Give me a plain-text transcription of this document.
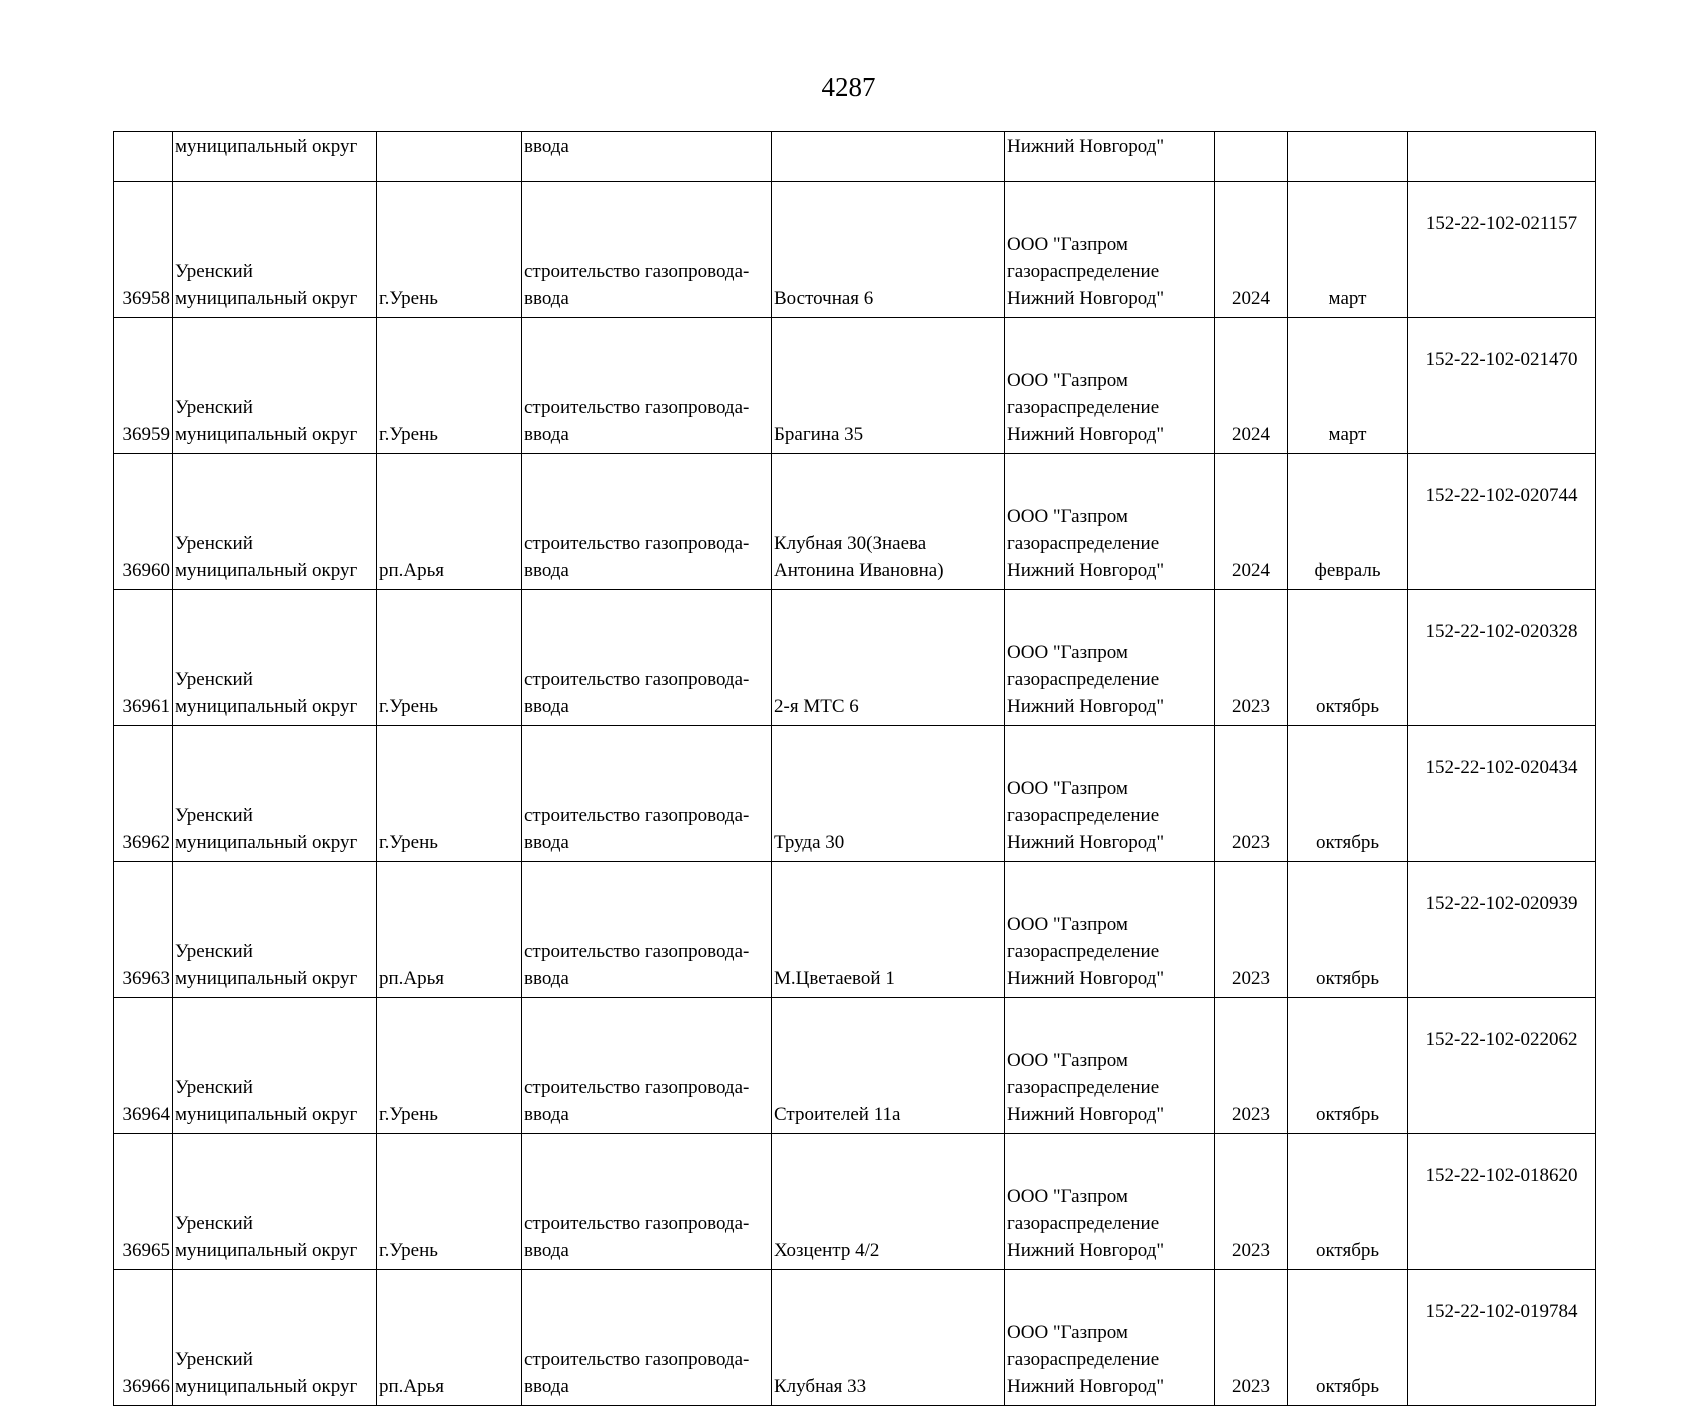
4287

	муниципальный округ		ввода		Нижний Новгород"			

36958	Уренский
муниципальный округ	г.Урень	строительство газопровода-
ввода	Восточная 6	ООО "Газпром
газораспределение
Нижний Новгород"	2024	март	152-22-102-021157

36959	Уренский
муниципальный округ	г.Урень	строительство газопровода-
ввода	Брагина 35	ООО "Газпром
газораспределение
Нижний Новгород"	2024	март	152-22-102-021470

36960	Уренский
муниципальный округ	рп.Арья	строительство газопровода-
ввода	Клубная 30(Знаева
Антонина Ивановна)	ООО "Газпром
газораспределение
Нижний Новгород"	2024	февраль	152-22-102-020744

36961	Уренский
муниципальный округ	г.Урень	строительство газопровода-
ввода	2-я МТС 6	ООО "Газпром
газораспределение
Нижний Новгород"	2023	октябрь	152-22-102-020328

36962	Уренский
муниципальный округ	г.Урень	строительство газопровода-
ввода	Труда 30	ООО "Газпром
газораспределение
Нижний Новгород"	2023	октябрь	152-22-102-020434

36963	Уренский
муниципальный округ	рп.Арья	строительство газопровода-
ввода	М.Цветаевой 1	ООО "Газпром
газораспределение
Нижний Новгород"	2023	октябрь	152-22-102-020939

36964	Уренский
муниципальный округ	г.Урень	строительство газопровода-
ввода	Строителей 11а	ООО "Газпром
газораспределение
Нижний Новгород"	2023	октябрь	152-22-102-022062

36965	Уренский
муниципальный округ	г.Урень	строительство газопровода-
ввода	Хозцентр 4/2	ООО "Газпром
газораспределение
Нижний Новгород"	2023	октябрь	152-22-102-018620

36966	Уренский
муниципальный округ	рп.Арья	строительство газопровода-
ввода	Клубная 33	ООО "Газпром
газораспределение
Нижний Новгород"	2023	октябрь	152-22-102-019784
